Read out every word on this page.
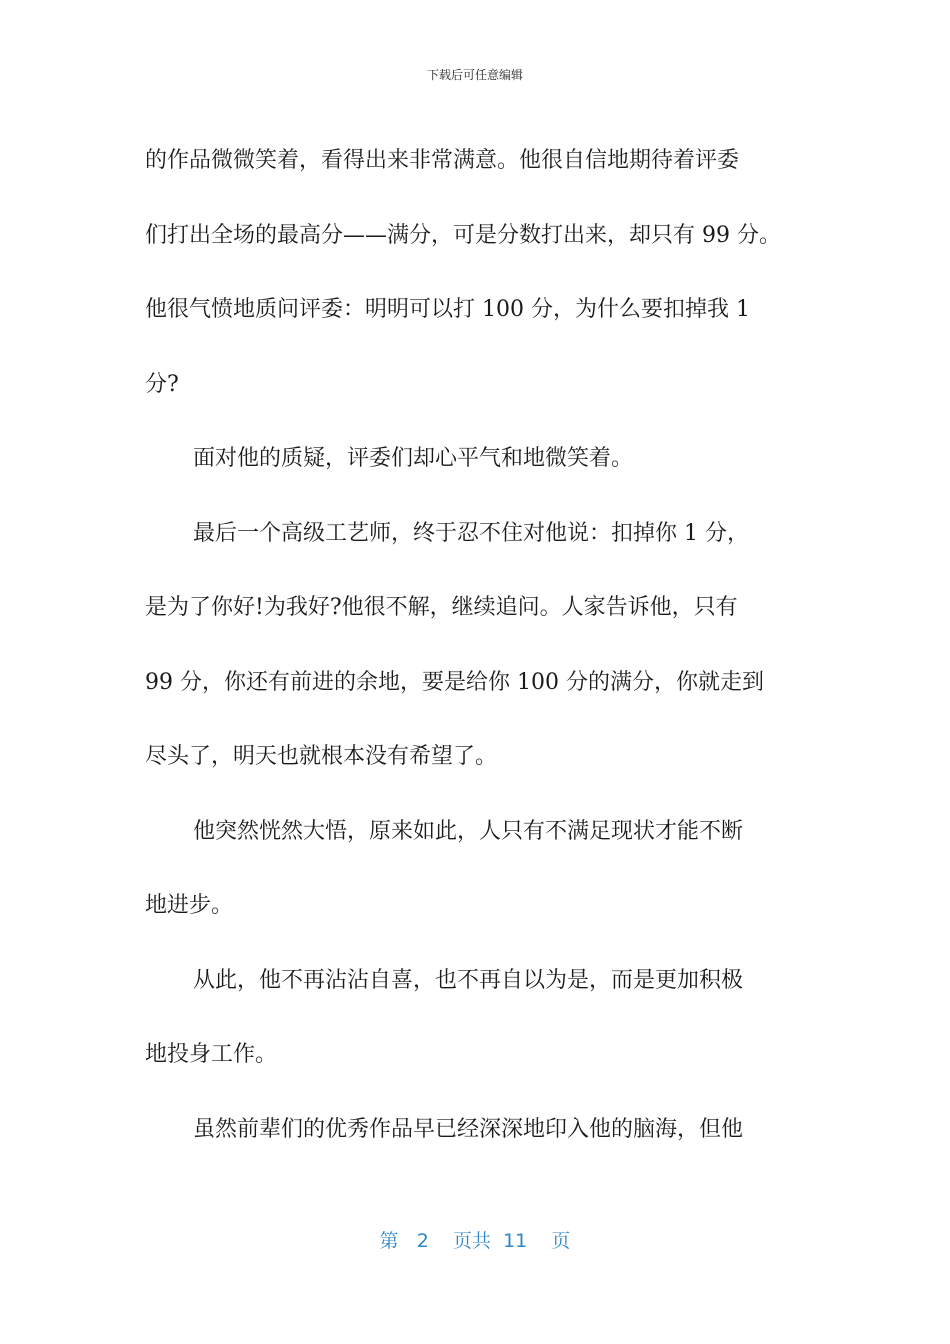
下载后可任意编辑

的作品微微笑着，看得出来非常满意。他很自信地期待着评委

们打出全场的最高分——满分，可是分数打出来，却只有 99 分。

他很气愤地质问评委：明明可以打 100 分，为什么要扣掉我 1

分?

面对他的质疑，评委们却心平气和地微笑着。

最后一个高级工艺师，终于忍不住对他说：扣掉你 1 分，

是为了你好!为我好?他很不解，继续追问。人家告诉他，只有

99 分，你还有前进的余地，要是给你 100 分的满分，你就走到

尽头了，明天也就根本没有希望了。

他突然恍然大悟，原来如此，人只有不满足现状才能不断

地进步。

从此，他不再沾沾自喜，也不再自以为是，而是更加积极

地投身工作。

虽然前辈们的优秀作品早已经深深地印入他的脑海，但他

第 2 页共 11 页
